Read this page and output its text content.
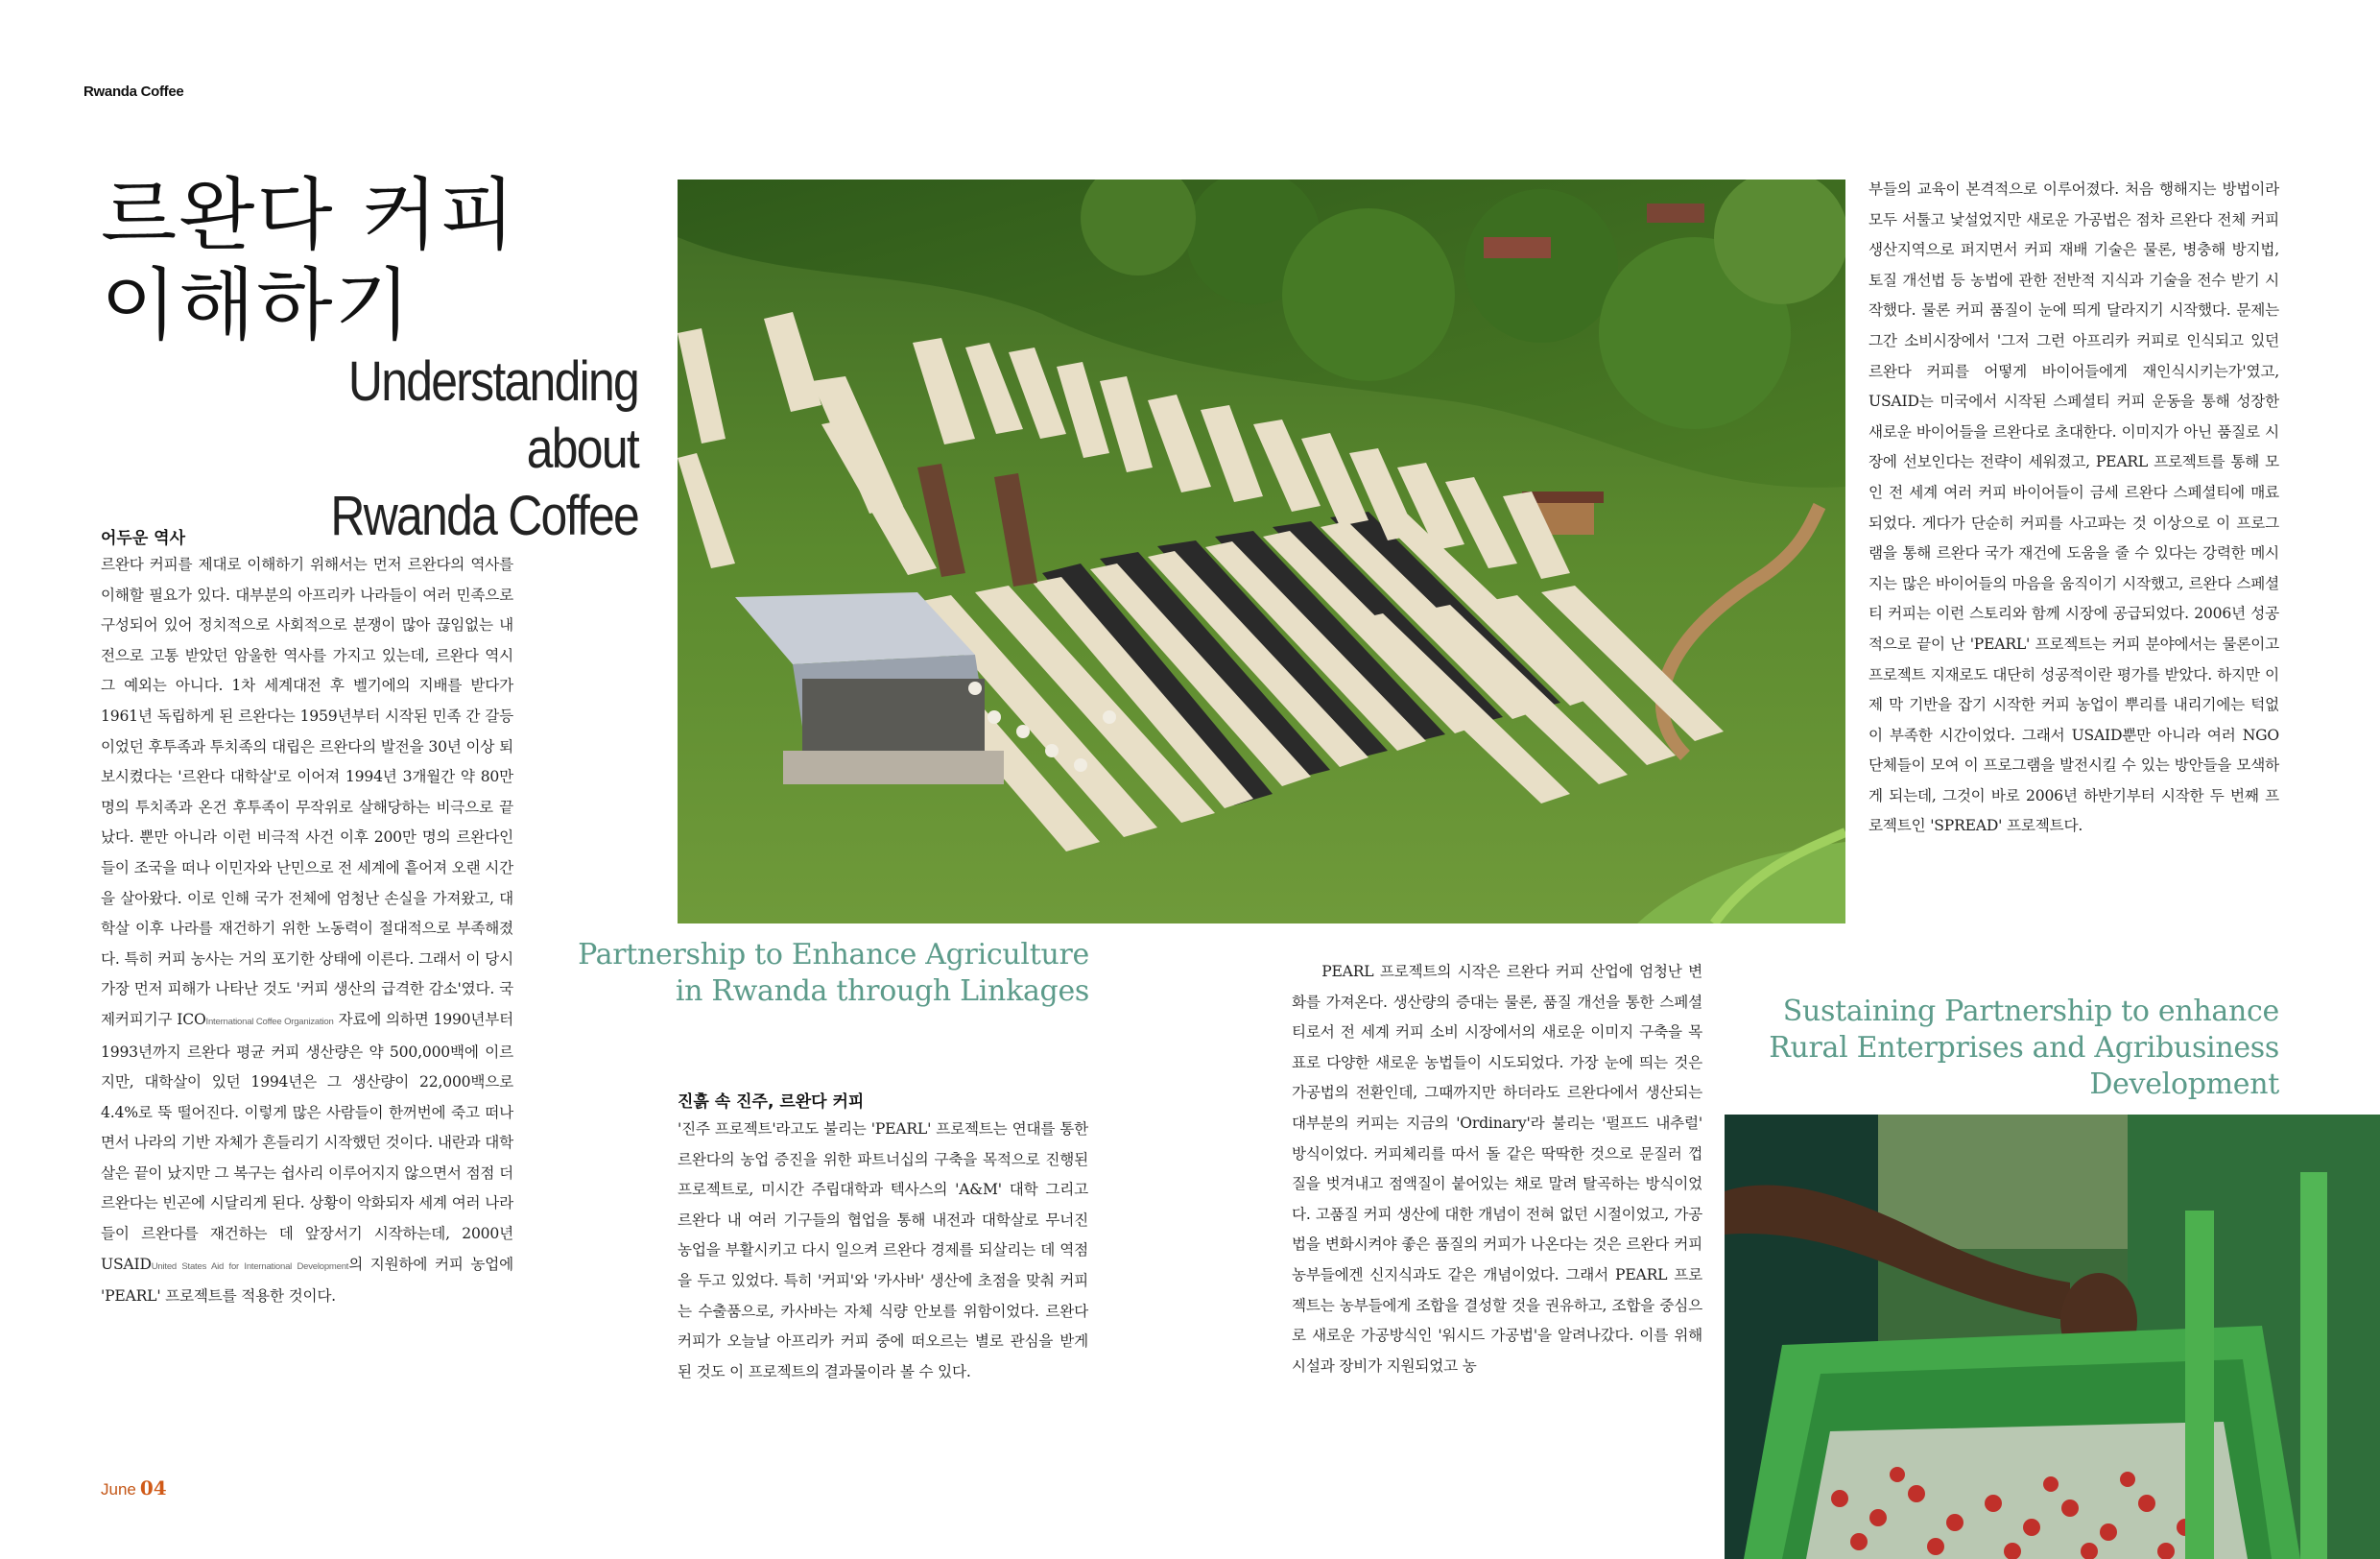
Rwanda Coffee
르완다 커피
이해하기
Understanding about
Rwanda Coffee
어두운 역사

르완다 커피를 제대로 이해하기 위해서는 먼저 르완다의 역사를 이해할 필요가 있다. 대부분의 아프리카 나라들이 여러 민족으로 구성되어 있어 정치적으로 사회적으로 분쟁이 많아 끊임없는 내전으로 고통 받았던 암울한 역사를 가지고 있는데, 르완다 역시 그 예외는 아니다. 1차 세계대전 후 벨기에의 지배를 받다가 1961년 독립하게 된 르완다는 1959년부터 시작된 민족 간 갈등이었던 후투족과 투치족의 대립은 르완다의 발전을 30년 이상 퇴보시켰다는 '르완다 대학살'로 이어져 1994년 3개월간 약 80만 명의 투치족과 온건 후투족이 무작위로 살해당하는 비극으로 끝났다. 뿐만 아니라 이런 비극적 사건 이후 200만 명의 르완다인들이 조국을 떠나 이민자와 난민으로 전 세계에 흩어져 오랜 시간을 살아왔다. 이로 인해 국가 전체에 엄청난 손실을 가져왔고, 대학살 이후 나라를 재건하기 위한 노동력이 절대적으로 부족해졌다. 특히 커피 농사는 거의 포기한 상태에 이른다. 그래서 이 당시 가장 먼저 피해가 나타난 것도 '커피 생산의 급격한 감소'였다. 국제커피기구 ICOInternational Coffee Organization 자료에 의하면 1990년부터 1993년까지 르완다 평균 커피 생산량은 약 500,000백에 이르지만, 대학살이 있던 1994년은 그 생산량이 22,000백으로 4.4%로 뚝 떨어진다. 이렇게 많은 사람들이 한꺼번에 죽고 떠나면서 나라의 기반 자체가 흔들리기 시작했던 것이다. 내란과 대학살은 끝이 났지만 그 복구는 쉽사리 이루어지지 않으면서 점점 더 르완다는 빈곤에 시달리게 된다. 상황이 악화되자 세계 여러 나라들이 르완다를 재건하는 데 앞장서기 시작하는데, 2000년 USAIDUnited States Aid for International Development의 지원하에 커피 농업에 'PEARL' 프로젝트를 적용한 것이다.

Partnership to Enhance Agriculture
in Rwanda through Linkages
진흙 속 진주, 르완다 커피

'진주 프로젝트'라고도 불리는 'PEARL' 프로젝트는 연대를 통한 르완다의 농업 증진을 위한 파트너십의 구축을 목적으로 진행된 프로젝트로, 미시간 주립대학과 텍사스의 'A&M' 대학 그리고 르완다 내 여러 기구들의 협업을 통해 내전과 대학살로 무너진 농업을 부활시키고 다시 일으켜 르완다 경제를 되살리는 데 역점을 두고 있었다. 특히 '커피'와 '카사바' 생산에 초점을 맞춰 커피는 수출품으로, 카사바는 자체 식량 안보를 위함이었다. 르완다 커피가 오늘날 아프리카 커피 중에 떠오르는 별로 관심을 받게 된 것도 이 프로젝트의 결과물이라 볼 수 있다.

PEARL 프로젝트의 시작은 르완다 커피 산업에 엄청난 변화를 가져온다. 생산량의 증대는 물론, 품질 개선을 통한 스페셜티로서 전 세계 커피 소비 시장에서의 새로운 이미지 구축을 목표로 다양한 새로운 농법들이 시도되었다. 가장 눈에 띄는 것은 가공법의 전환인데, 그때까지만 하더라도 르완다에서 생산되는 대부분의 커피는 지금의 'Ordinary'라 불리는 '펄프드 내추럴' 방식이었다. 커피체리를 따서 돌 같은 딱딱한 것으로 문질러 껍질을 벗겨내고 점액질이 붙어있는 채로 말려 탈곡하는 방식이었다. 고품질 커피 생산에 대한 개념이 전혀 없던 시절이었고, 가공법을 변화시켜야 좋은 품질의 커피가 나온다는 것은 르완다 커피 농부들에겐 신지식과도 같은 개념이었다. 그래서 PEARL 프로젝트는 농부들에게 조합을 결성할 것을 권유하고, 조합을 중심으로 새로운 가공방식인 '워시드 가공법'을 알려나갔다. 이를 위해 시설과 장비가 지원되었고 농

부들의 교육이 본격적으로 이루어졌다. 처음 행해지는 방법이라 모두 서툴고 낯설었지만 새로운 가공법은 점차 르완다 전체 커피 생산지역으로 퍼지면서 커피 재배 기술은 물론, 병충해 방지법, 토질 개선법 등 농법에 관한 전반적 지식과 기술을 전수 받기 시작했다. 물론 커피 품질이 눈에 띄게 달라지기 시작했다. 문제는 그간 소비시장에서 '그저 그런 아프리카 커피로 인식되고 있던 르완다 커피를 어떻게 바이어들에게 재인식시키는가'였고, USAID는 미국에서 시작된 스페셜티 커피 운동을 통해 성장한 새로운 바이어들을 르완다로 초대한다. 이미지가 아닌 품질로 시장에 선보인다는 전략이 세워졌고, PEARL 프로젝트를 통해 모인 전 세계 여러 커피 바이어들이 금세 르완다 스페셜티에 매료되었다. 게다가 단순히 커피를 사고파는 것 이상으로 이 프로그램을 통해 르완다 국가 재건에 도움을 줄 수 있다는 강력한 메시지는 많은 바이어들의 마음을 움직이기 시작했고, 르완다 스페셜티 커피는 이런 스토리와 함께 시장에 공급되었다. 2006년 성공적으로 끝이 난 'PEARL' 프로젝트는 커피 분야에서는 물론이고 프로젝트 지재로도 대단히 성공적이란 평가를 받았다. 하지만 이제 막 기반을 잡기 시작한 커피 농업이 뿌리를 내리기에는 턱없이 부족한 시간이었다. 그래서 USAID뿐만 아니라 여러 NGO 단체들이 모여 이 프로그램을 발전시킬 수 있는 방안들을 모색하게 되는데, 그것이 바로 2006년 하반기부터 시작한 두 번째 프로젝트인 'SPREAD' 프로젝트다.

Sustaining Partnership to enhance
Rural Enterprises and Agribusiness
Development
June 04
